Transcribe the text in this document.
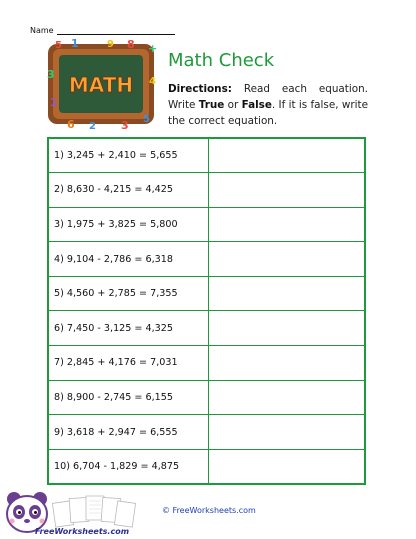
Name
MATH
5 1	9 8 +
3
4
1
6 2 3 5
Math Check
Directions: Read each equation. Write True or False. If it is false, write the correct equation.
1) 3,245 + 2,410 = 5,655	
2) 8,630 - 4,215 = 4,425	
3) 1,975 + 3,825 = 5,800	
4) 9,104 - 2,786 = 6,318	
5) 4,560 + 2,785 = 7,355	
6) 7,450 - 3,125 = 4,325	
7) 2,845 + 4,176 = 7,031	
8) 8,900 - 2,745 = 6,155	
9) 3,618 + 2,947 = 6,555	
10) 6,704 - 1,829 = 4,875	
FreeWorksheets.com
© FreeWorksheets.com
